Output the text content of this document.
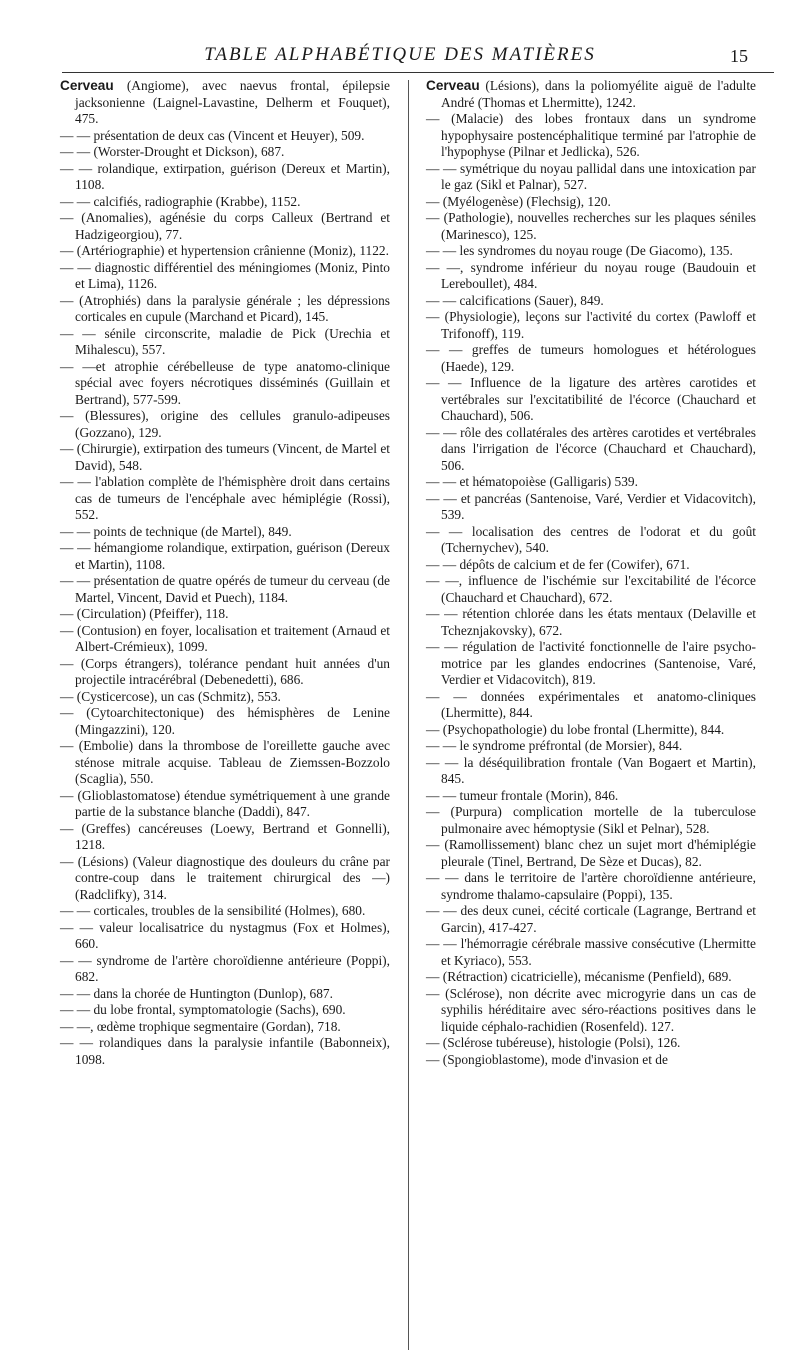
TABLE ALPHABÉTIQUE DES MATIÈRES	15

Cerveau (Angiome), avec naevus frontal, épilepsie jacksonienne (Laignel-Lavastine, Delherm et Fouquet), 475.

— — présentation de deux cas (Vincent et Heuyer), 509.

— — (Worster-Drought et Dickson), 687.

— — rolandique, extirpation, guérison (Dereux et Martin), 1108.

— — calcifiés, radiographie (Krabbe), 1152.

— (Anomalies), agénésie du corps Calleux (Bertrand et Hadzigeorgiou), 77.

— (Artériographie) et hypertension crânienne (Moniz), 1122.

— — diagnostic différentiel des méningiomes (Moniz, Pinto et Lima), 1126.

— (Atrophiés) dans la paralysie générale ; les dépressions corticales en cupule (Marchand et Picard), 145.

— — sénile circonscrite, maladie de Pick (Urechia et Mihalescu), 557.

— —et atrophie cérébelleuse de type anatomo-clinique spécial avec foyers nécrotiques disséminés (Guillain et Bertrand), 577-599.

— (Blessures), origine des cellules granulo-adipeuses (Gozzano), 129.

— (Chirurgie), extirpation des tumeurs (Vincent, de Martel et David), 548.

— — l'ablation complète de l'hémisphère droit dans certains cas de tumeurs de l'encéphale avec hémiplégie (Rossi), 552.

— — points de technique (de Martel), 849.

— — hémangiome rolandique, extirpation, guérison (Dereux et Martin), 1108.

— — présentation de quatre opérés de tumeur du cerveau (de Martel, Vincent, David et Puech), 1184.

— (Circulation) (Pfeiffer), 118.

— (Contusion) en foyer, localisation et traitement (Arnaud et Albert-Crémieux), 1099.

— (Corps étrangers), tolérance pendant huit années d'un projectile intracérébral (Debenedetti), 686.

— (Cysticercose), un cas (Schmitz), 553.

— (Cytoarchitectonique) des hémisphères de Lenine (Mingazzini), 120.

— (Embolie) dans la thrombose de l'oreillette gauche avec sténose mitrale acquise. Tableau de Ziemssen-Bozzolo (Scaglia), 550.

— (Glioblastomatose) étendue symétriquement à une grande partie de la substance blanche (Daddi), 847.

— (Greffes) cancéreuses (Loewy, Bertrand et Gonnelli), 1218.

— (Lésions) (Valeur diagnostique des douleurs du crâne par contre-coup dans le traitement chirurgical des —) (Radclifky), 314.

— — corticales, troubles de la sensibilité (Holmes), 680.

— — valeur localisatrice du nystagmus (Fox et Holmes), 660.

— — syndrome de l'artère choroïdienne antérieure (Poppi), 682.

— — dans la chorée de Huntington (Dunlop), 687.

— — du lobe frontal, symptomatologie (Sachs), 690.

— —, œdème trophique segmentaire (Gordan), 718.

— — rolandiques dans la paralysie infantile (Babonneix), 1098.

Cerveau (Lésions), dans la poliomyélite aiguë de l'adulte André (Thomas et Lhermitte), 1242.

— (Malacie) des lobes frontaux dans un syndrome hypophysaire postencéphalitique terminé par l'atrophie de l'hypophyse (Pilnar et Jedlicka), 526.

— — symétrique du noyau pallidal dans une intoxication par le gaz (Sikl et Palnar), 527.

— (Myélogenèse) (Flechsig), 120.

— (Pathologie), nouvelles recherches sur les plaques séniles (Marinesco), 125.

— — les syndromes du noyau rouge (De Giacomo), 135.

— —, syndrome inférieur du noyau rouge (Baudouin et Lereboullet), 484.

— — calcifications (Sauer), 849.

— (Physiologie), leçons sur l'activité du cortex (Pawloff et Trifonoff), 119.

— — greffes de tumeurs homologues et hétérologues (Haede), 129.

— — Influence de la ligature des artères carotides et vertébrales sur l'excitatibilité de l'écorce (Chauchard et Chauchard), 506.

— — rôle des collatérales des artères carotides et vertébrales dans l'irrigation de l'écorce (Chauchard et Chauchard), 506.

— — et hématopoièse (Galligaris) 539.

— — et pancréas (Santenoise, Varé, Verdier et Vidacovitch), 539.

— — localisation des centres de l'odorat et du goût (Tchernychev), 540.

— — dépôts de calcium et de fer (Cowifer), 671.

— —, influence de l'ischémie sur l'excitabilité de l'écorce (Chauchard et Chauchard), 672.

— — rétention chlorée dans les états mentaux (Delaville et Tcheznjakovsky), 672.

— — régulation de l'activité fonctionnelle de l'aire psycho-motrice par les glandes endocrines (Santenoise, Varé, Verdier et Vidacovitch), 819.

— — données expérimentales et anatomo-cliniques (Lhermitte), 844.

— (Psychopathologie) du lobe frontal (Lhermitte), 844.

— — le syndrome préfrontal (de Morsier), 844.

— — la déséquilibration frontale (Van Bogaert et Martin), 845.

— — tumeur frontale (Morin), 846.

— (Purpura) complication mortelle de la tuberculose pulmonaire avec hémoptysie (Sikl et Pelnar), 528.

— (Ramollissement) blanc chez un sujet mort d'hémiplégie pleurale (Tinel, Bertrand, De Sèze et Ducas), 82.

— — dans le territoire de l'artère choroïdienne antérieure, syndrome thalamo-capsulaire (Poppi), 135.

— — des deux cunei, cécité corticale (Lagrange, Bertrand et Garcin), 417-427.

— — l'hémorragie cérébrale massive consécutive (Lhermitte et Kyriaco), 553.

— (Rétraction) cicatricielle), mécanisme (Penfield), 689.

— (Sclérose), non décrite avec microgyrie dans un cas de syphilis héréditaire avec séro-réactions positives dans le liquide céphalo-rachidien (Rosenfeld). 127.

— (Sclérose tubéreuse), histologie (Polsi), 126.

— (Spongioblastome), mode d'invasion et de
